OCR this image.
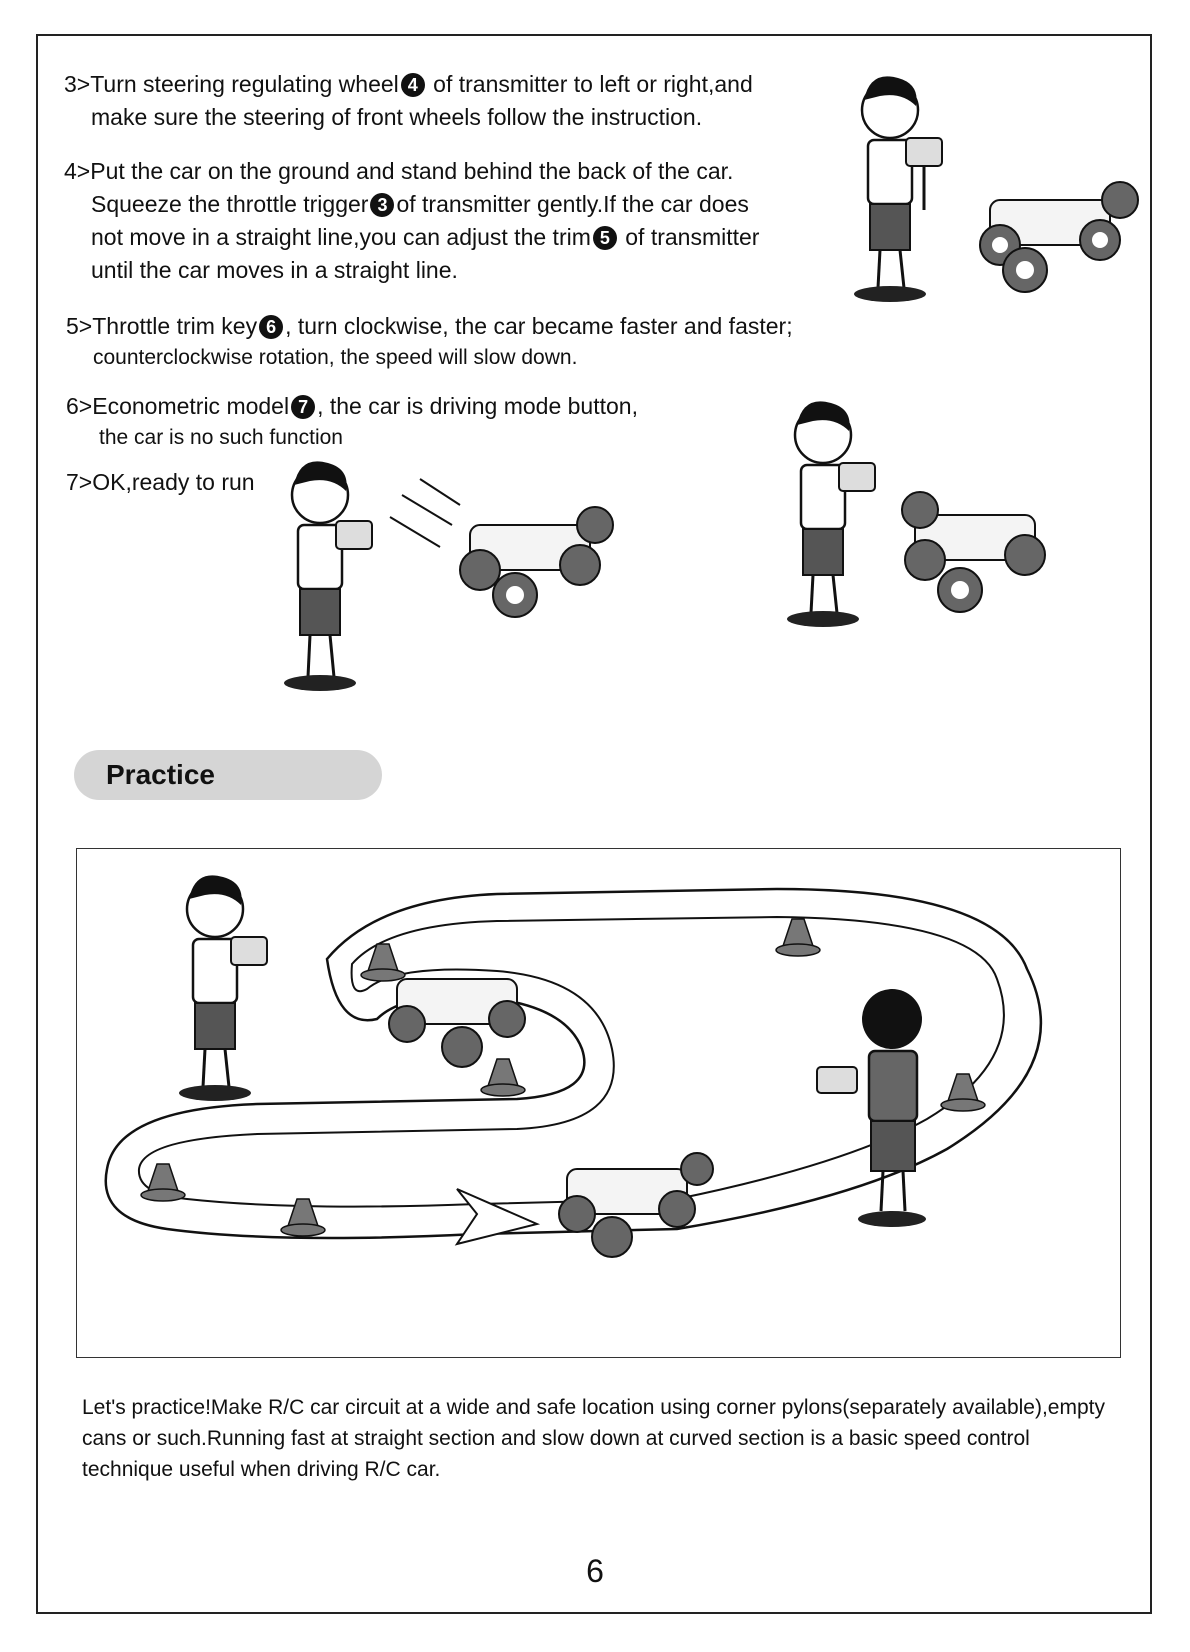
3>Turn steering regulating wheel 4 of transmitter to left or right,and

make sure the steering of front wheels follow the instruction.

4>Put the car on the ground and stand behind the back of the car.

Squeeze the throttle trigger 3 of transmitter gently.If the car does

not move in a straight line,you can adjust the trim 5 of transmitter

until the car moves in a straight line.

5>Throttle trim key 6 , turn clockwise, the car became faster and faster;

counterclockwise rotation, the speed will slow down.

6>Econometric model 7 , the car is driving mode button,

the car is no such function

7>OK,ready to run

Practice
Let's practice!Make R/C car circuit at a wide and safe location using corner pylons(separately available),empty cans or such.Running fast at straight section and slow down at curved section is a basic speed control technique useful when driving R/C car.
6
